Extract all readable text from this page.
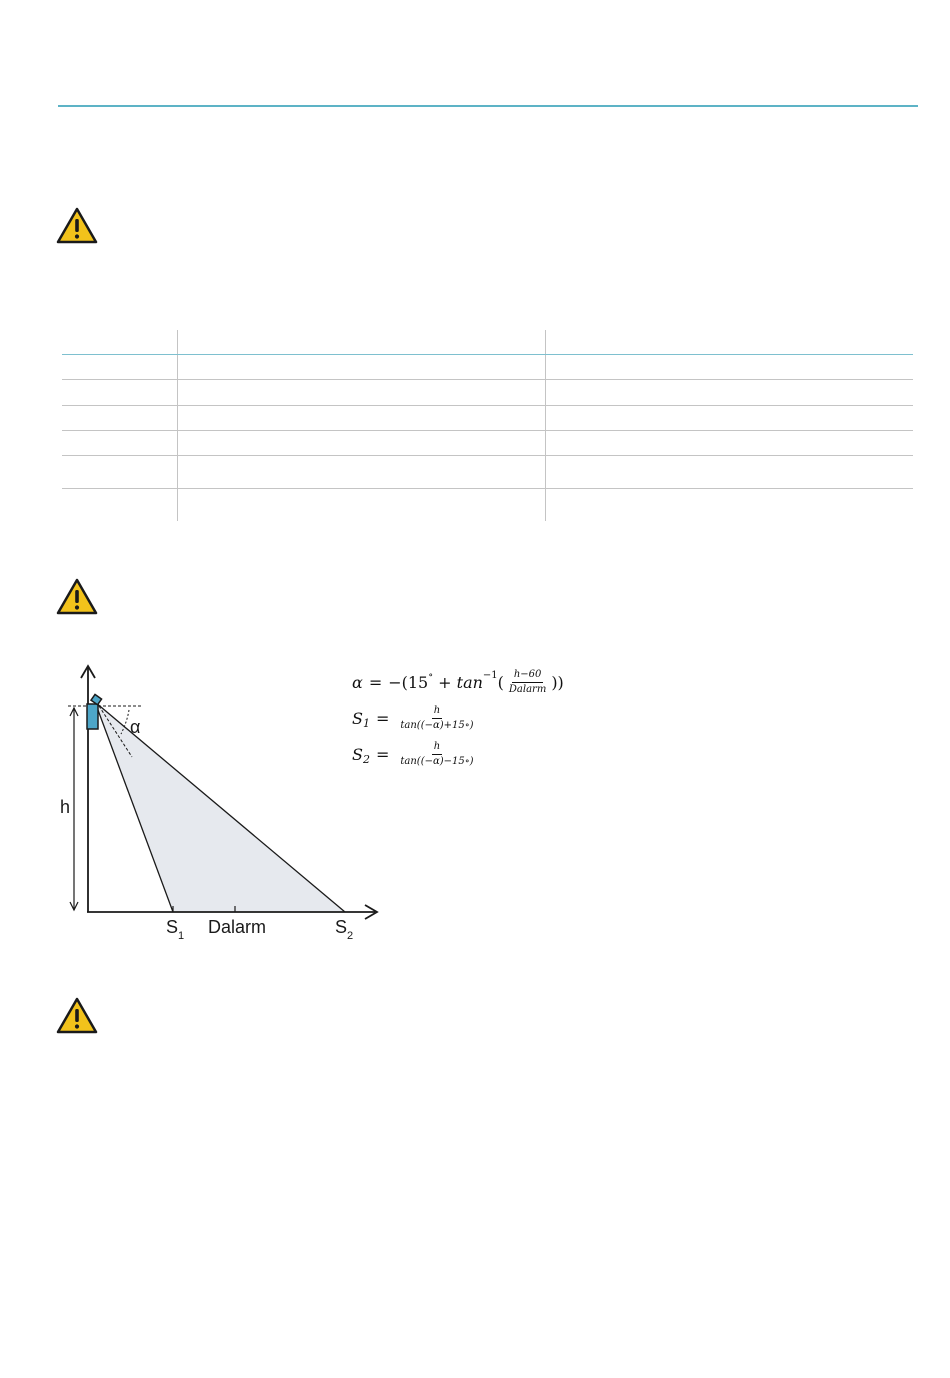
h
α
$S_1$ Dalarm	$S_2$
α = −(15 ∘ + tan −1 ( $\frac{h-60}{\text{Dalarm}}$ ))
S $1 = \frac{h}{\tan((-\alpha)+15\circ)}$
S $2 = \frac{h}{\tan((-\alpha)-15\circ)}$
